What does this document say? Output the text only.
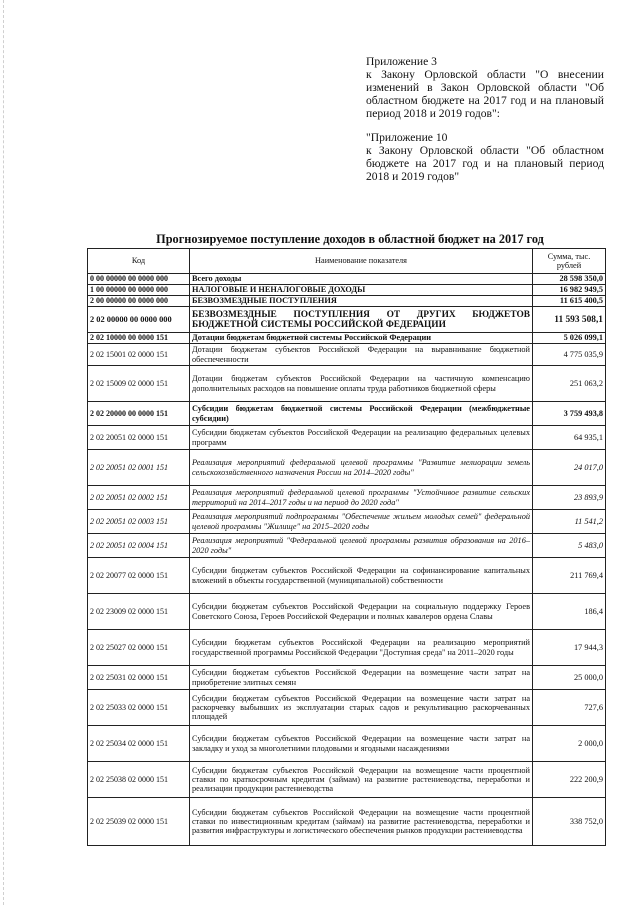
Приложение 3

к Закону Орловской области "О внесении изменений в Закон Орловской области "Об областном бюджете на 2017 год и на плановый период 2018 и 2019 годов":

"Приложение 10

к Закону Орловской области "Об областном бюджете на 2017 год и на плановый период 2018 и 2019 годов"

Прогнозируемое поступление доходов в областной бюджет на 2017 год
Код	Наименование показателя	Сумма, тыс. рублей
0 00 00000 00 0000 000	Всего доходы	28 598 350,0
1 00 00000 00 0000 000	НАЛОГОВЫЕ И НЕНАЛОГОВЫЕ ДОХОДЫ	16 982 949,5
2 00 00000 00 0000 000	БЕЗВОЗМЕЗДНЫЕ ПОСТУПЛЕНИЯ	11 615 400,5
2 02 00000 00 0000 000	БЕЗВОЗМЕЗДНЫЕ ПОСТУПЛЕНИЯ ОТ ДРУГИХ БЮДЖЕТОВ БЮДЖЕТНОЙ СИСТЕМЫ РОССИЙСКОЙ ФЕДЕРАЦИИ	11 593 508,1
2 02 10000 00 0000 151	Дотации бюджетам бюджетной системы Российской Федерации	5 026 099,1
2 02 15001 02 0000 151	Дотации бюджетам субъектов Российской Федерации на выравнивание бюджетной обеспеченности	4 775 035,9
2 02 15009 02 0000 151	Дотации бюджетам субъектов Российской Федерации на частичную компенсацию дополнительных расходов на повышение оплаты труда работников бюджетной сферы	251 063,2
2 02 20000 00 0000 151	Субсидии бюджетам бюджетной системы Российской Федерации (межбюджетные субсидии)	3 759 493,8
2 02 20051 02 0000 151	Субсидии бюджетам субъектов Российской Федерации на реализацию федеральных целевых программ	64 935,1
2 02 20051 02 0001 151	Реализация мероприятий федеральной целевой программы "Развитие мелиорации земель сельскохозяйственного назначения России на 2014–2020 годы"	24 017,0
2 02 20051 02 0002 151	Реализация мероприятий федеральной целевой программы "Устойчивое развитие сельских территорий на 2014–2017 годы и на период до 2020 года"	23 893,9
2 02 20051 02 0003 151	Реализация мероприятий подпрограммы "Обеспечение жильем молодых семей" федеральной целевой программы "Жилище" на 2015–2020 годы	11 541,2
2 02 20051 02 0004 151	Реализация мероприятий "Федеральной целевой программы развития образования на 2016–2020 годы"	5 483,0
2 02 20077 02 0000 151	Субсидии бюджетам субъектов Российской Федерации на софинансирование капитальных вложений в объекты государственной (муниципальной) собственности	211 769,4
2 02 23009 02 0000 151	Субсидии бюджетам субъектов Российской Федерации на социальную поддержку Героев Советского Союза, Героев Российской Федерации и полных кавалеров ордена Славы	186,4
2 02 25027 02 0000 151	Субсидии бюджетам субъектов Российской Федерации на реализацию мероприятий государственной программы Российской Федерации "Доступная среда" на 2011–2020 годы	17 944,3
2 02 25031 02 0000 151	Субсидии бюджетам субъектов Российской Федерации на возмещение части затрат на приобретение элитных семян	25 000,0
2 02 25033 02 0000 151	Субсидии бюджетам субъектов Российской Федерации на возмещение части затрат на раскорчевку выбывших из эксплуатации старых садов и рекультивацию раскорчеванных площадей	727,6
2 02 25034 02 0000 151	Субсидии бюджетам субъектов Российской Федерации на возмещение части затрат на закладку и уход за многолетними плодовыми и ягодными насаждениями	2 000,0
2 02 25038 02 0000 151	Субсидии бюджетам субъектов Российской Федерации на возмещение части процентной ставки по краткосрочным кредитам (займам) на развитие растениеводства, переработки и реализации продукции растениеводства	222 200,9
2 02 25039 02 0000 151	Субсидии бюджетам субъектов Российской Федерации на возмещение части процентной ставки по инвестиционным кредитам (займам) на развитие растениеводства, переработки и развития инфраструктуры и логистического обеспечения рынков продукции растениеводства	338 752,0
